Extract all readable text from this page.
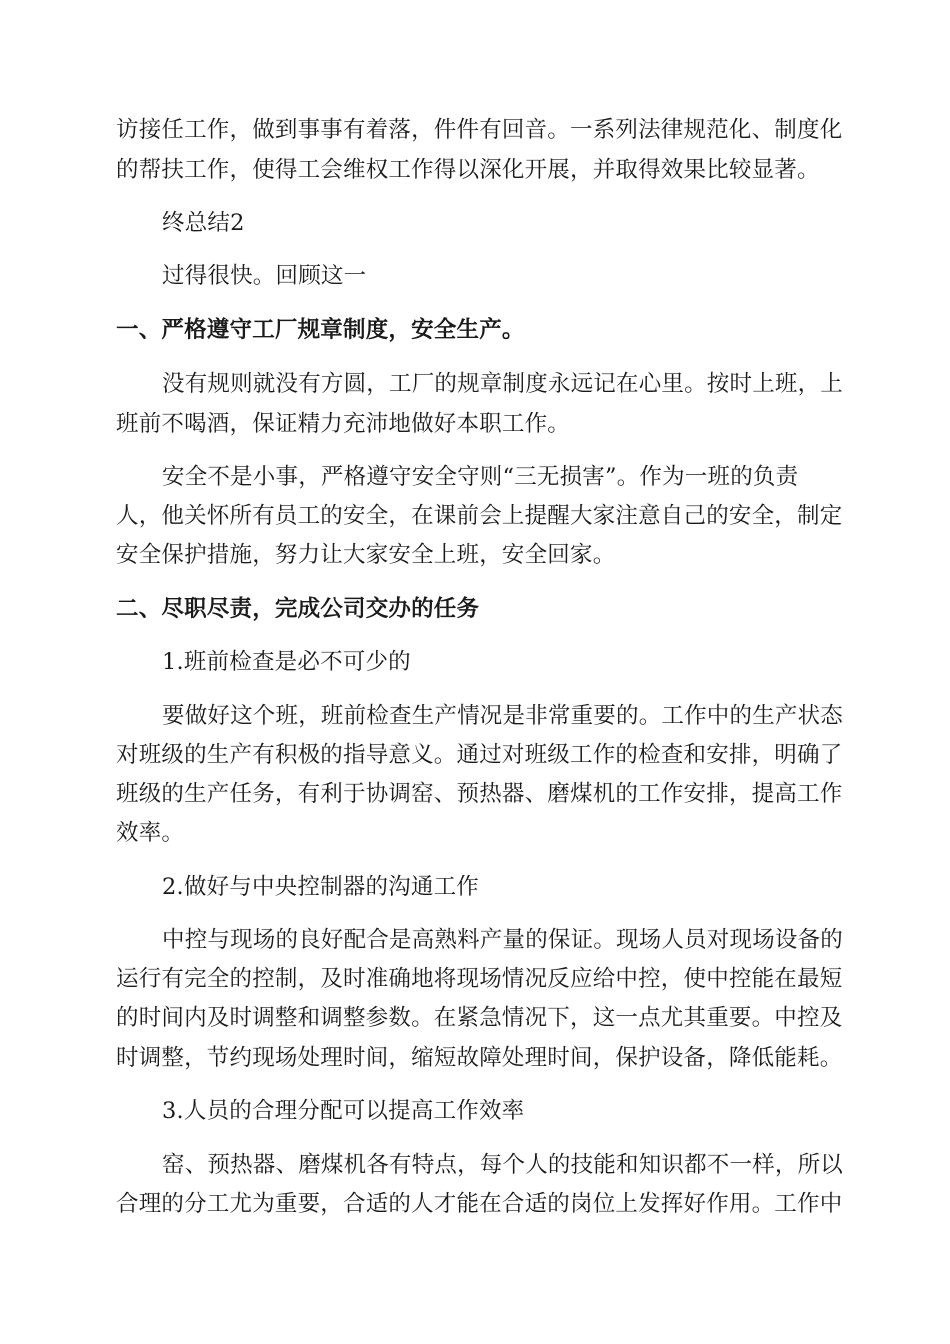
访接任工作，做到事事有着落，件件有回音。一系列法律规范化、制度化
的帮扶工作，使得工会维权工作得以深化开展，并取得效果比较显著。
终总结2
过得很快。回顾这一
一、严格遵守工厂规章制度，安全生产。
没有规则就没有方圆，工厂的规章制度永远记在心里。按时上班，上
班前不喝酒，保证精力充沛地做好本职工作。
安全不是小事，严格遵守安全守则“三无损害”。作为一班的负责
人，他关怀所有员工的安全，在课前会上提醒大家注意自己的安全，制定
安全保护措施，努力让大家安全上班，安全回家。
二、尽职尽责，完成公司交办的任务
1.班前检查是必不可少的
要做好这个班，班前检查生产情况是非常重要的。工作中的生产状态
对班级的生产有积极的指导意义。通过对班级工作的检查和安排，明确了
班级的生产任务，有利于协调窑、预热器、磨煤机的工作安排，提高工作
效率。
2.做好与中央控制器的沟通工作
中控与现场的良好配合是高熟料产量的保证。现场人员对现场设备的
运行有完全的控制，及时准确地将现场情况反应给中控，使中控能在最短
的时间内及时调整和调整参数。在紧急情况下，这一点尤其重要。中控及
时调整，节约现场处理时间，缩短故障处理时间，保护设备，降低能耗。
3.人员的合理分配可以提高工作效率
窑、预热器、磨煤机各有特点，每个人的技能和知识都不一样，所以
合理的分工尤为重要，合适的人才能在合适的岗位上发挥好作用。工作中
